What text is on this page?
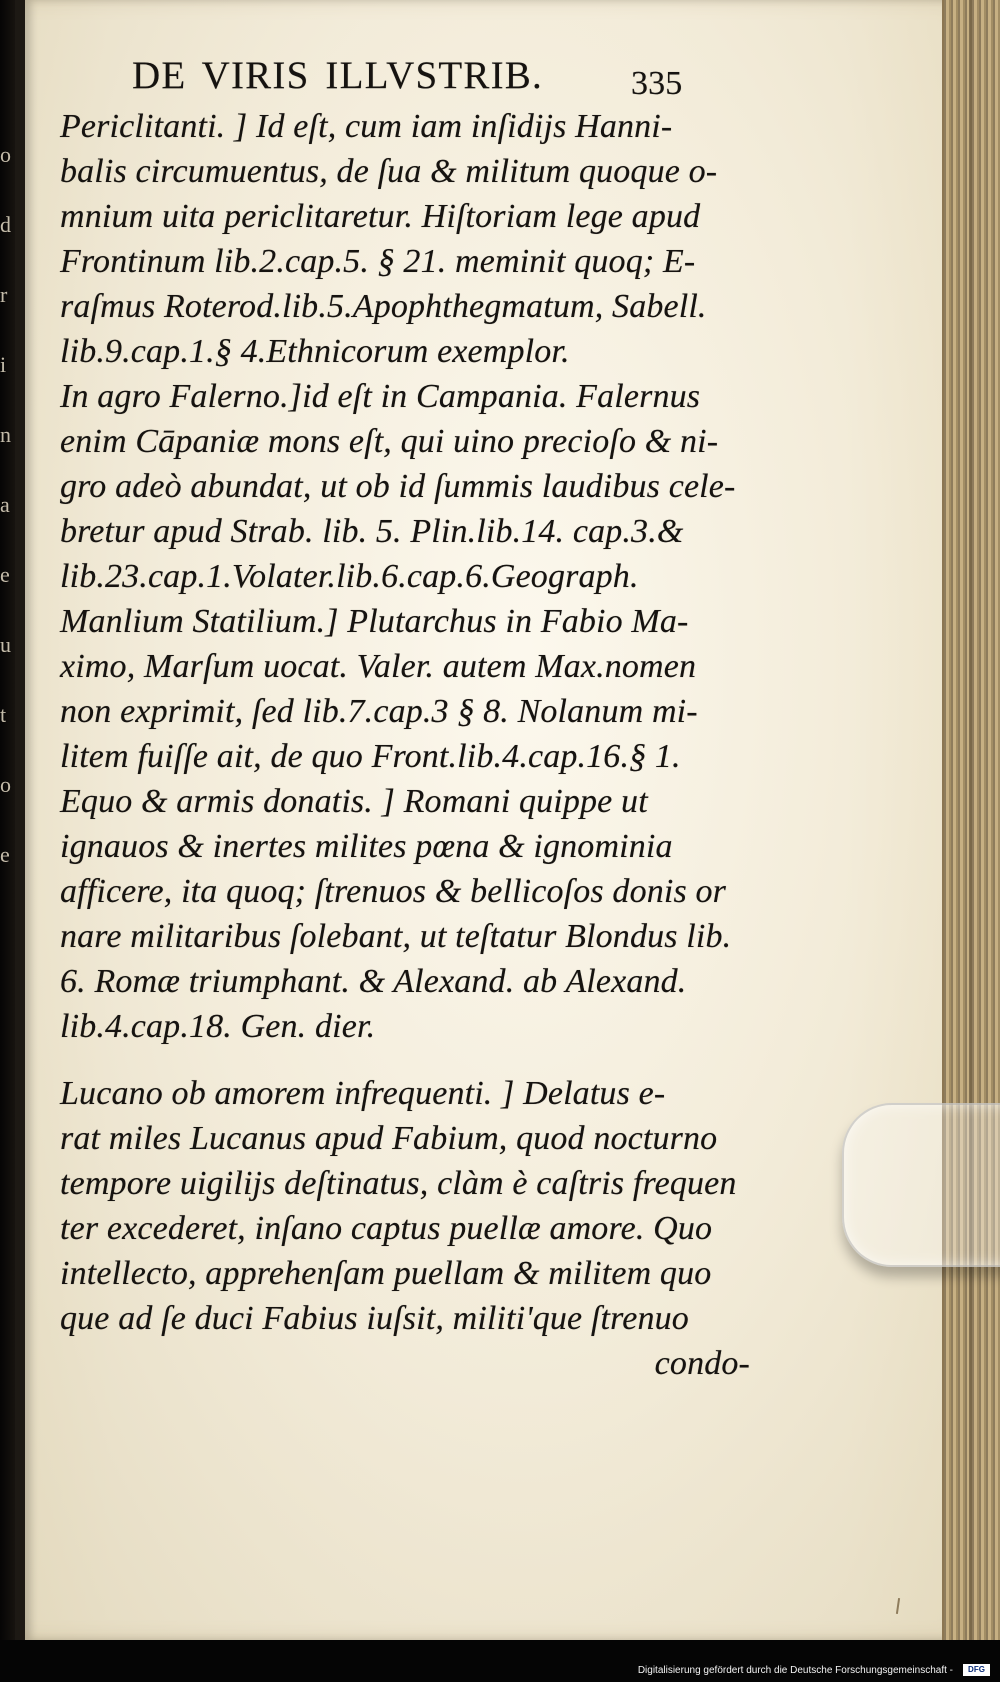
o
d
r
i
n
a
e
u
t
o
e
DE VIRIS ILLVSTRIB.	335
Periclitanti. ] Id eſt, cum iam inſidijs Hanni-
balis circumuentus, de ſua & militum quoque o-
mnium uita periclitaretur. Hiſtoriam lege apud
Frontinum lib.2.cap.5. § 21. meminit quoq; E-
raſmus Roterod.lib.5.Apophthegmatum, Sabell.
lib.9.cap.1.§ 4.Ethnicorum exemplor.
In agro Falerno.]id eſt in Campania. Falernus
enim Cāpaniæ mons eſt, qui uino precioſo & ni-
gro adeò abundat, ut ob id ſummis laudibus cele-
bretur apud Strab. lib. 5. Plin.lib.14. cap.3.&
lib.23.cap.1.Volater.lib.6.cap.6.Geograph.
Manlium Statilium.] Plutarchus in Fabio Ma-
ximo, Marſum uocat. Valer. autem Max.nomen
non exprimit, ſed lib.7.cap.3 § 8. Nolanum mi-
litem fuiſſe ait, de quo Front.lib.4.cap.16.§ 1.
Equo & armis donatis. ] Romani quippe ut
ignauos & inertes milites pœna & ignominia
afficere, ita quoq; ſtrenuos & bellicoſos donis or
nare militaribus ſolebant, ut teſtatur Blondus lib.
6. Romæ triumphant. & Alexand. ab Alexand.
lib.4.cap.18. Gen. dier.
Lucano ob amorem infrequenti. ] Delatus e-
rat miles Lucanus apud Fabium, quod nocturno
tempore uigilijs deſtinatus, clàm è caſtris frequen
ter excederet, inſano captus puellæ amore. Quo
intellecto, apprehenſam puellam & militem quo
que ad ſe duci Fabius iuſsit, militi'que ſtrenuo
condo-
Digitalisierung gefördert durch die Deutsche Forschungsgemeinschaft -	DFG
